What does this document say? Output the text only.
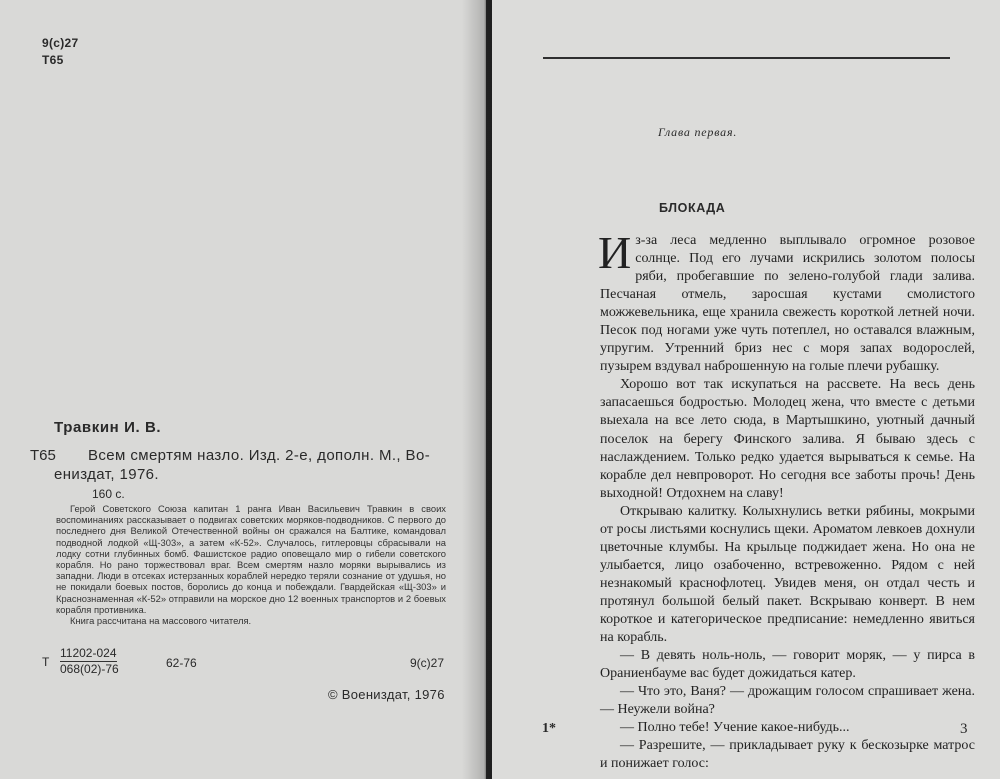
9(с)27
Т65
Травкин И. В.
Т65 Всем смертям назло. Изд. 2-е, дополн. М., Во-
ениздат, 1976.
160 с.

Герой Советского Союза капитан 1 ранга Иван Васильевич Травкин в своих воспоминаниях рассказывает о подвигах советских моряков-подводников. С первого до последнего дня Великой Отечественной войны он сражался на Балтике, командовал подводной лодкой «Щ-303», а затем «К-52». Случалось, гитлеровцы сбрасывали на лодку сотни глубинных бомб. Фашистское радио оповещало мир о гибели советского корабля. Но рано торжествовал враг. Всем смертям назло моряки вырывались из западни. Люди в отсеках истерзанных кораблей нередко теряли сознание от удушья, но не покидали боевых постов, боролись до конца и побеждали. Гвардейская «Щ-303» и Краснознаменная «К-52» отправили на морское дно 12 военных транспортов и 2 боевых корабля противника.

Книга рассчитана на массового читателя.

Т $\frac{11202-024}{068(02)-76} 62-76$	9(с)27
© Воениздат, 1976
Глава первая.
БЛОКАДА

Из-за леса медленно выплывало огромное розовое солнце. Под его лучами искрились золотом полосы ряби, пробегавшие по зелено-голубой глади залива. Песчаная отмель, заросшая кустами смолистого можжевельника, еще хранила свежесть короткой летней ночи. Песок под ногами уже чуть потеплел, но оставался влажным, упругим. Утренний бриз нес с моря запах водорослей, пузырем вздувал наброшенную на голые плечи рубашку.

Хорошо вот так искупаться на рассвете. На весь день запасаешься бодростью. Молодец жена, что вместе с детьми выехала на все лето сюда, в Мартышкино, уютный дачный поселок на берегу Финского залива. Я бываю здесь с наслаждением. Только редко удается вырываться к семье. На корабле дел невпроворот. Но сегодня все заботы прочь! День выходной! Отдохнем на славу!

Открываю калитку. Колыхнулись ветки рябины, мокрыми от росы листьями коснулись щеки. Ароматом левкоев дохнули цветочные клумбы. На крыльце поджидает жена. Но она не улыбается, лицо озабоченно, встревоженно. Рядом с ней незнакомый краснофлотец. Увидев меня, он отдал честь и протянул большой белый пакет. Вскрываю конверт. В нем короткое и категорическое предписание: немедленно явиться на корабль.

— В девять ноль-ноль, — говорит моряк, — у пирса в Ораниенбауме вас будет дожидаться катер.

— Что это, Ваня? — дрожащим голосом спрашивает жена. — Неужели война?

— Полно тебе! Учение какое-нибудь...

— Разрешите, — прикладывает руку к бескозырке матрос и понижает голос:

1*	3
